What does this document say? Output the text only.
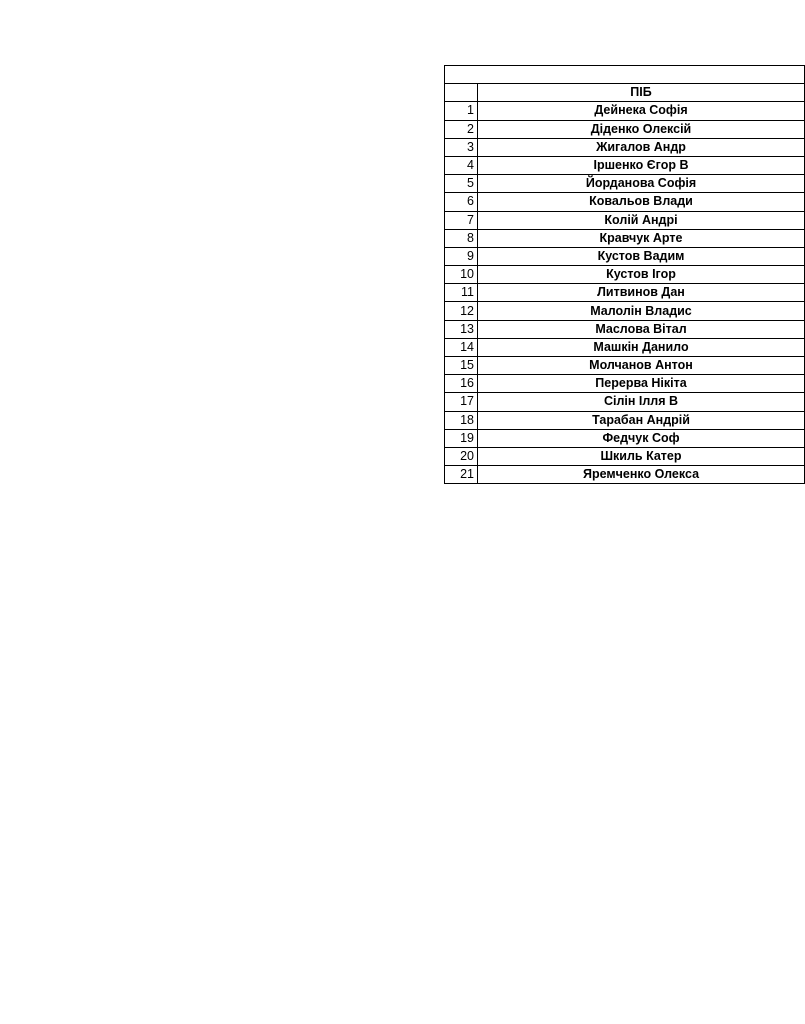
	ПІБ
1	Дейнека Софія
2	Діденко Олексій
3	Жигалов Андр
4	Іршенко Єгор В
5	Йорданова Софія
6	Ковальов Влади
7	Колій Андрі
8	Кравчук Арте
9	Кустов Вадим
10	Кустов Ігор
11	Литвинов Дан
12	Малолін Владис
13	Маслова Вітал
14	Машкін Данило
15	Молчанов Антон
16	Перерва Нікіта
17	Сілін Ілля В
18	Тарабан Андрій
19	Федчук Соф
20	Шкиль Катер
21	Яремченко Олекса
